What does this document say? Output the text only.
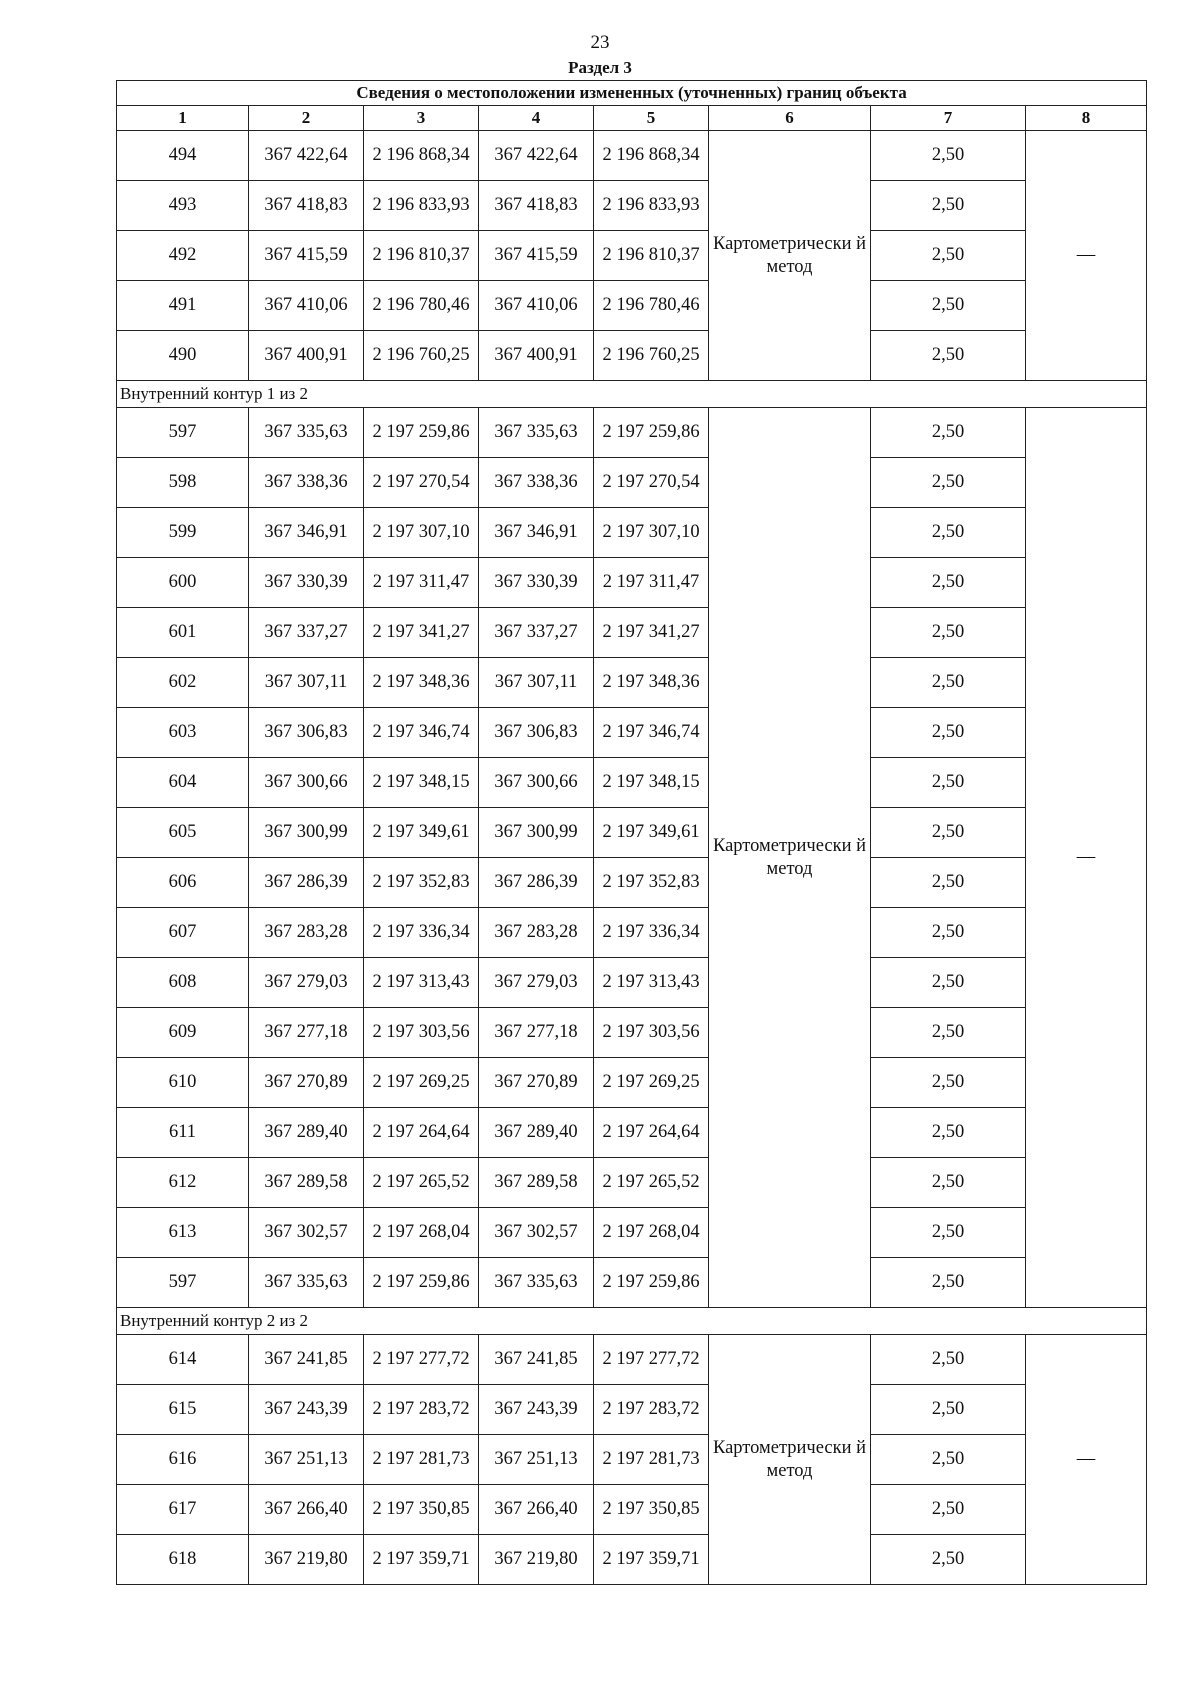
23
Раздел 3
Сведения о местоположении измененных (уточненных) границ объекта							
1	2	3	4	5	6	7	8
494	367 422,64	2 196 868,34	367 422,64	2 196 868,34	Картометрически й метод	2,50	—
493	367 418,83	2 196 833,93	367 418,83	2 196 833,93		2,50	
492	367 415,59	2 196 810,37	367 415,59	2 196 810,37		2,50	
491	367 410,06	2 196 780,46	367 410,06	2 196 780,46		2,50	
490	367 400,91	2 196 760,25	367 400,91	2 196 760,25		2,50	
Внутренний контур 1 из 2							
597	367 335,63	2 197 259,86	367 335,63	2 197 259,86	Картометрически й метод	2,50	—
598	367 338,36	2 197 270,54	367 338,36	2 197 270,54		2,50	
599	367 346,91	2 197 307,10	367 346,91	2 197 307,10		2,50	
600	367 330,39	2 197 311,47	367 330,39	2 197 311,47		2,50	
601	367 337,27	2 197 341,27	367 337,27	2 197 341,27		2,50	
602	367 307,11	2 197 348,36	367 307,11	2 197 348,36		2,50	
603	367 306,83	2 197 346,74	367 306,83	2 197 346,74		2,50	
604	367 300,66	2 197 348,15	367 300,66	2 197 348,15		2,50	
605	367 300,99	2 197 349,61	367 300,99	2 197 349,61		2,50	
606	367 286,39	2 197 352,83	367 286,39	2 197 352,83		2,50	
607	367 283,28	2 197 336,34	367 283,28	2 197 336,34		2,50	
608	367 279,03	2 197 313,43	367 279,03	2 197 313,43		2,50	
609	367 277,18	2 197 303,56	367 277,18	2 197 303,56		2,50	
610	367 270,89	2 197 269,25	367 270,89	2 197 269,25		2,50	
611	367 289,40	2 197 264,64	367 289,40	2 197 264,64		2,50	
612	367 289,58	2 197 265,52	367 289,58	2 197 265,52		2,50	
613	367 302,57	2 197 268,04	367 302,57	2 197 268,04		2,50	
597	367 335,63	2 197 259,86	367 335,63	2 197 259,86		2,50	
Внутренний контур 2 из 2							
614	367 241,85	2 197 277,72	367 241,85	2 197 277,72	Картометрически й метод	2,50	—
615	367 243,39	2 197 283,72	367 243,39	2 197 283,72		2,50	
616	367 251,13	2 197 281,73	367 251,13	2 197 281,73		2,50	
617	367 266,40	2 197 350,85	367 266,40	2 197 350,85		2,50	
618	367 219,80	2 197 359,71	367 219,80	2 197 359,71		2,50	
